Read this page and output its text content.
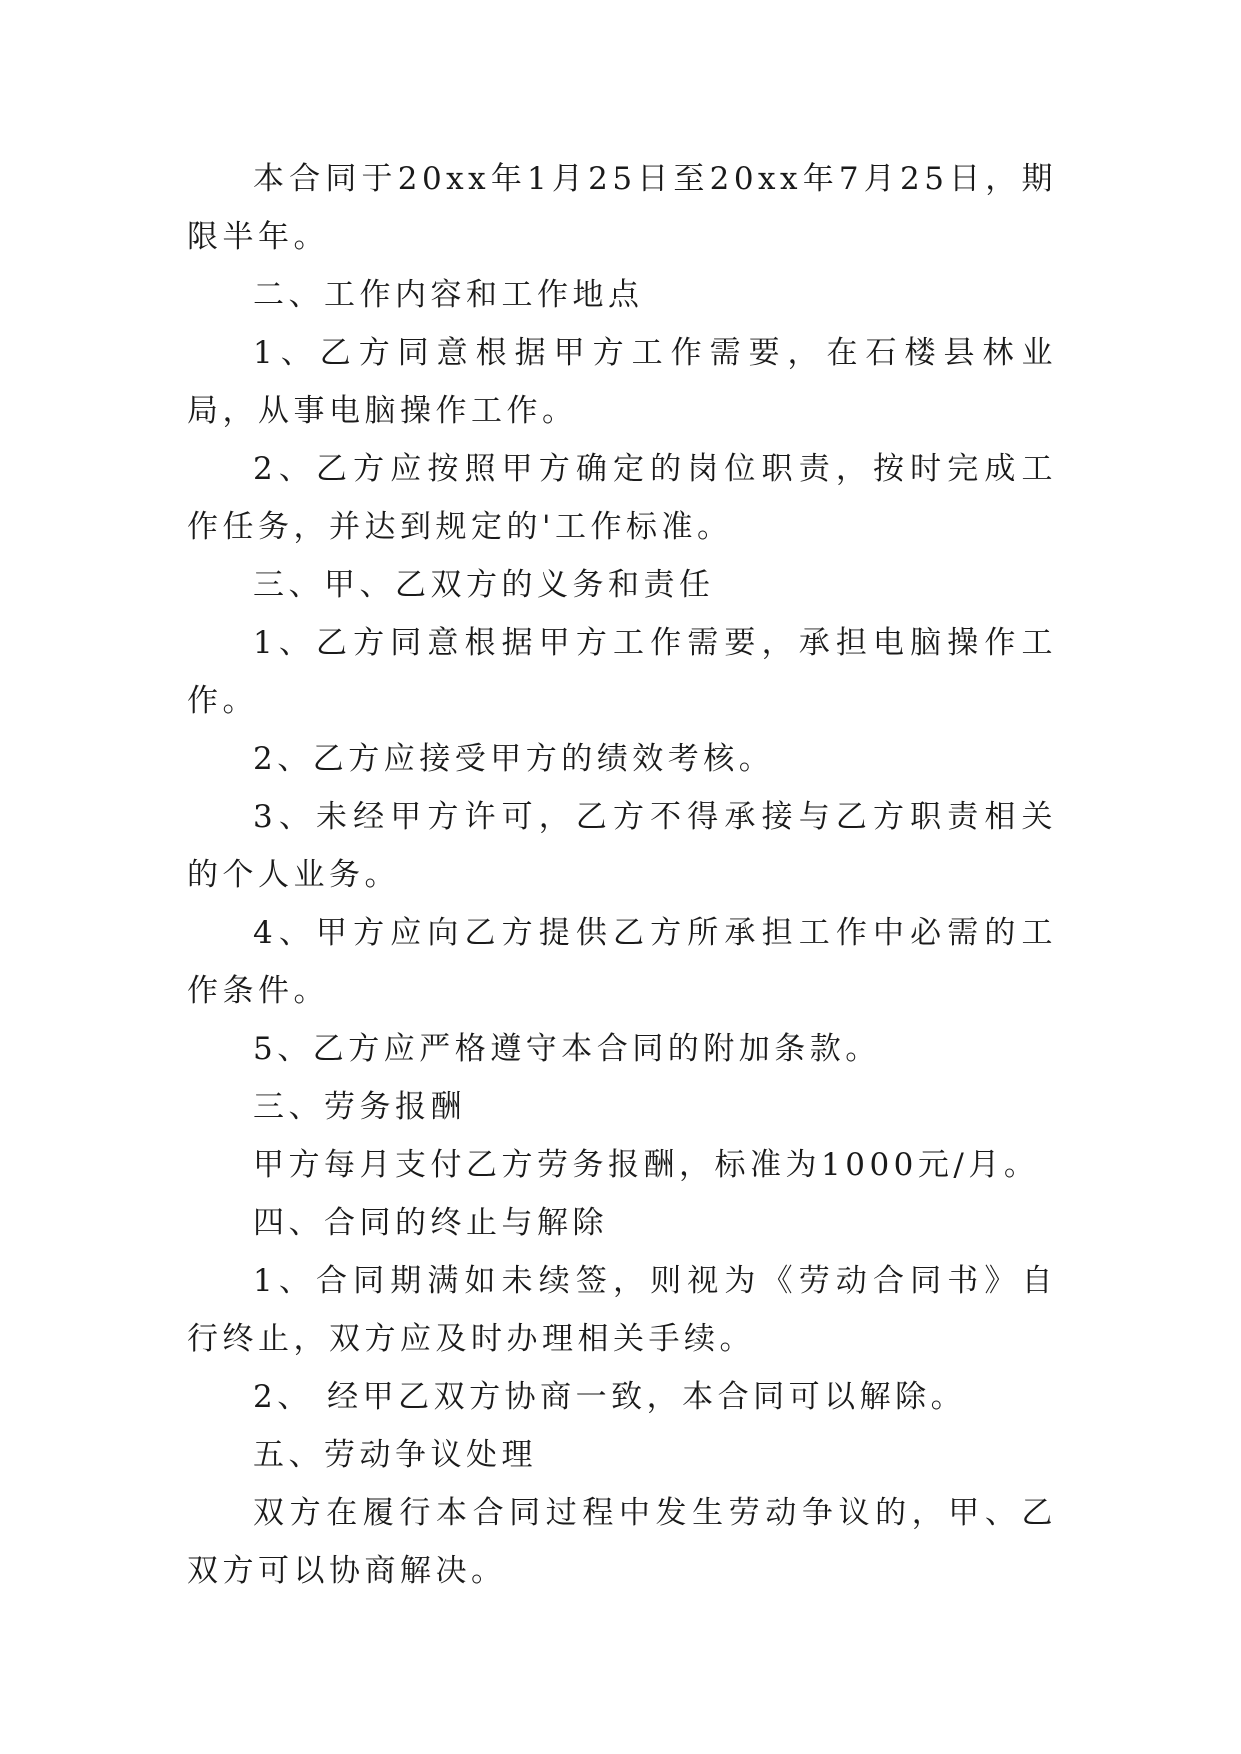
本合同于20xx年1月25日至20xx年7月25日，期限半年。

二、工作内容和工作地点

1、乙方同意根据甲方工作需要，在石楼县林业局，从事电脑操作工作。

2、乙方应按照甲方确定的岗位职责，按时完成工作任务，并达到规定的'工作标准。

三、甲、乙双方的义务和责任

1、乙方同意根据甲方工作需要，承担电脑操作工作。

2、乙方应接受甲方的绩效考核。

3、未经甲方许可，乙方不得承接与乙方职责相关的个人业务。

4、甲方应向乙方提供乙方所承担工作中必需的工作条件。

5、乙方应严格遵守本合同的附加条款。

三、劳务报酬

甲方每月支付乙方劳务报酬，标准为1000元/月。

四、合同的终止与解除

1、合同期满如未续签，则视为《劳动合同书》自行终止，双方应及时办理相关手续。

2、 经甲乙双方协商一致，本合同可以解除。

五、劳动争议处理

双方在履行本合同过程中发生劳动争议的，甲、乙双方可以协商解决。
